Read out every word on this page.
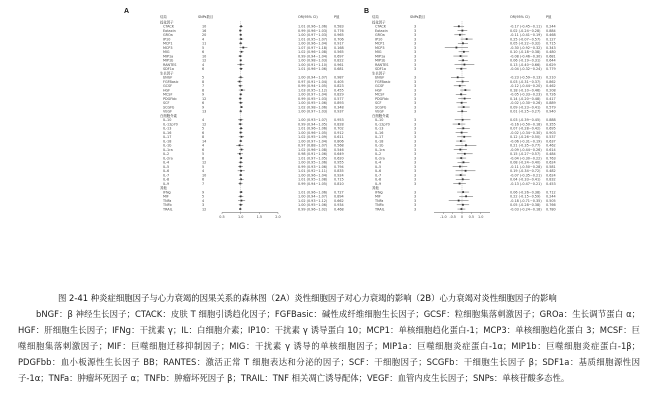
A
结局	SNPs数目	OR(95% CI)	P值
趋化因子
CTACK	10	1.01 (0.96~1.06) 0.583
Eotaxin	16	0.99 (0.96~1.03) 0.776
GROa	20	1.00 (0.97~1.03) 0.965
IP10	4	1.01 (0.95~1.07) 0.706
MCP1	11	1.00 (0.96~1.04) 0.917
MCP3	5	1.07 (0.97~1.18) 0.168
MIG	6	1.02 (0.96~1.08) 0.565
MIP1a	10	0.99 (0.94~1.04) 0.697
MIP1b	12	1.00 (0.98~1.03) 0.822
RANTES	4	1.00 (0.91~1.10) 0.961
SDF1a	6	1.01 (0.96~1.06) 0.681
生长因子
bNGF	5	1.00 (0.94~1.07) 0.987
FGFBasic	8	0.97 (0.91~1.04) 0.405
GCSF	7	0.99 (0.94~1.05) 0.823
HGF	8	1.03 (0.95~1.12) 0.455
MCSF	9	1.00 (0.97~1.04) 0.829
PDGFbb	12	0.99 (0.95~1.03) 0.577
SCF	6	1.00 (0.95~1.06) 0.893
SCGFb	9	1.02 (0.98~1.06) 0.348
VEGF	13	1.00 (0.97~1.03) 0.937
白细胞介素
IL-10	4	1.00 (0.93~1.07) 0.953
IL-12p70	12	0.99 (0.94~1.05) 0.828
IL-13	5	1.01 (0.96~1.06) 0.702
IL-16	6	1.00 (0.96~1.05) 0.912
IL-17	8	1.02 (0.95~1.09) 0.611
IL-18	14	1.00 (0.97~1.04) 0.806
IL-1b	4	0.97 (0.88~1.07) 0.568
IL-1ra	6	1.02 (0.96~1.08) 0.546
IL-2	5	0.98 (0.91~1.06) 0.649
IL-2ra	8	1.01 (0.97~1.05) 0.620
IL-4	12	1.00 (0.95~1.06) 0.955
IL-5	5	0.99 (0.93~1.06) 0.794
IL-6	4	1.01 (0.92~1.11) 0.835
IL-7	10	1.00 (0.96~1.04) 0.924
IL-8	6	1.01 (0.95~1.08) 0.715
IL-9	7	0.99 (0.94~1.05) 0.810
其他
IFNg	9	1.01 (0.96~1.06) 0.727
MIF	5	1.00 (0.94~1.07) 0.894
TNFa	4	1.02 (0.93~1.12) 0.662
TNFb	3	1.00 (0.95~1.06) 0.934
TRAIL	12	0.99 (0.96~1.02) 0.468
0.5	1.0	1.5	2.0
B
结局	SNPs数目	OR(95% CI)	P值
趋化因子
CTACK	3	-0.17 (-0.45~0.11) 0.244
Eotaxin	3	0.02 (-0.24~0.28) 0.884
GROa	3	-0.11 (-0.41~0.19) 0.468
IP10	3	0.25 (-0.07~0.57) 0.127
MCP1	3	0.05 (-0.22~0.32) 0.715
MCP3	3	-0.30 (-0.92~0.32) 0.343
MIG	3	0.10 (-0.18~0.38) 0.480
MIP1a	3	-0.08 (-0.46~0.30) 0.681
MIP1b	3	0.06 (-0.19~0.31) 0.644
RANTES	3	0.13 (-0.40~0.66) 0.629
SDF1a	3	-0.04 (-0.32~0.24) 0.779
生长因子
bNGF	3	-0.23 (-0.59~0.13) 0.210
FGFBasic	3	0.03 (-0.31~0.37) 0.862
GCSF	3	-0.12 (-0.44~0.20) 0.462
HGF	3	0.18 (-0.10~0.46) 0.208
MCSF	3	-0.05 (-0.33~0.23) 0.726
PDGFbb	3	0.14 (-0.20~0.48) 0.417
SCF	3	-0.02 (-0.30~0.26) 0.889
SCGFb	3	0.09 (-0.23~0.41) 0.579
VEGF	3	0.01 (-0.25~0.27) 0.940
白细胞介素
IL-10	3	0.03 (-0.39~0.45) 0.888
IL-12p70	3	-0.16 (-0.50~0.18) 0.355
IL-13	3	0.07 (-0.28~0.42) 0.695
IL-16	3	-0.02 (-0.34~0.30) 0.903
IL-17	3	0.12 (-0.26~0.50) 0.537
IL-18	3	-0.06 (-0.31~0.19) 0.637
IL-1b	3	0.21 (-0.35~0.77) 0.462
IL-1ra	3	-0.09 (-0.44~0.26) 0.614
IL-2	3	0.15 (-0.27~0.57) 0.484
IL-2ra	3	-0.04 (-0.30~0.22) 0.763
IL-4	3	0.08 (-0.24~0.40) 0.624
IL-5	3	-0.11 (-0.50~0.28) 0.581
IL-6	3	0.19 (-0.34~0.72) 0.482
IL-7	3	-0.07 (-0.35~0.21) 0.624
IL-8	3	0.04 (-0.33~0.41) 0.832
IL-9	3	-0.13 (-0.47~0.21) 0.453
其他
IFNg	3	0.06 (-0.26~0.38) 0.712
MIF	3	0.22 (-0.15~0.59) 0.244
TNFa	3	-0.18 (-0.71~0.35) 0.505
TNFb	3	0.05 (-0.28~0.38) 0.766
TRAIL	3	-0.03 (-0.24~0.18) 0.780
-1.0 -0.5 0 0.5 1.0
图 2-41 种炎症细胞因子与心力衰竭的因果关系的森林图（2A）炎性细胞因子对心力衰竭的影响（2B）心力衰竭对炎性细胞因子的影响
bNGF：β 神经生长因子；CTACK：皮肤 T 细胞引诱趋化因子；FGFBasic：碱性成纤维细胞生长因子；GCSF：粒细胞集落刺激因子；GROa：生长调节蛋白 α；HGF：肝细胞生长因子；IFNg：干扰素 γ；IL：白细胞介素；IP10：干扰素 γ 诱导蛋白 10；MCP1：单核细胞趋化蛋白-1；MCP3：单核细胞趋化蛋白 3；MCSF：巨噬细胞集落刺激因子；MIF：巨噬细胞迁移抑制因子；MIG：干扰素 γ 诱导的单核细胞因子；MIP1a：巨噬细胞炎症蛋白-1α；MIP1b：巨噬细胞炎症蛋白-1β；PDGFbb：血小板源性生长因子 BB；RANTES：激活正常 T 细胞表达和分泌的因子；SCF：干细胞因子；SCGFb：干细胞生长因子 β；SDF1a：基质细胞源性因子-1α；TNFa：肿瘤坏死因子 α；TNFb：肿瘤坏死因子 β；TRAIL：TNF 相关凋亡诱导配体；VEGF：血管内皮生长因子；SNPs：单核苷酸多态性。
